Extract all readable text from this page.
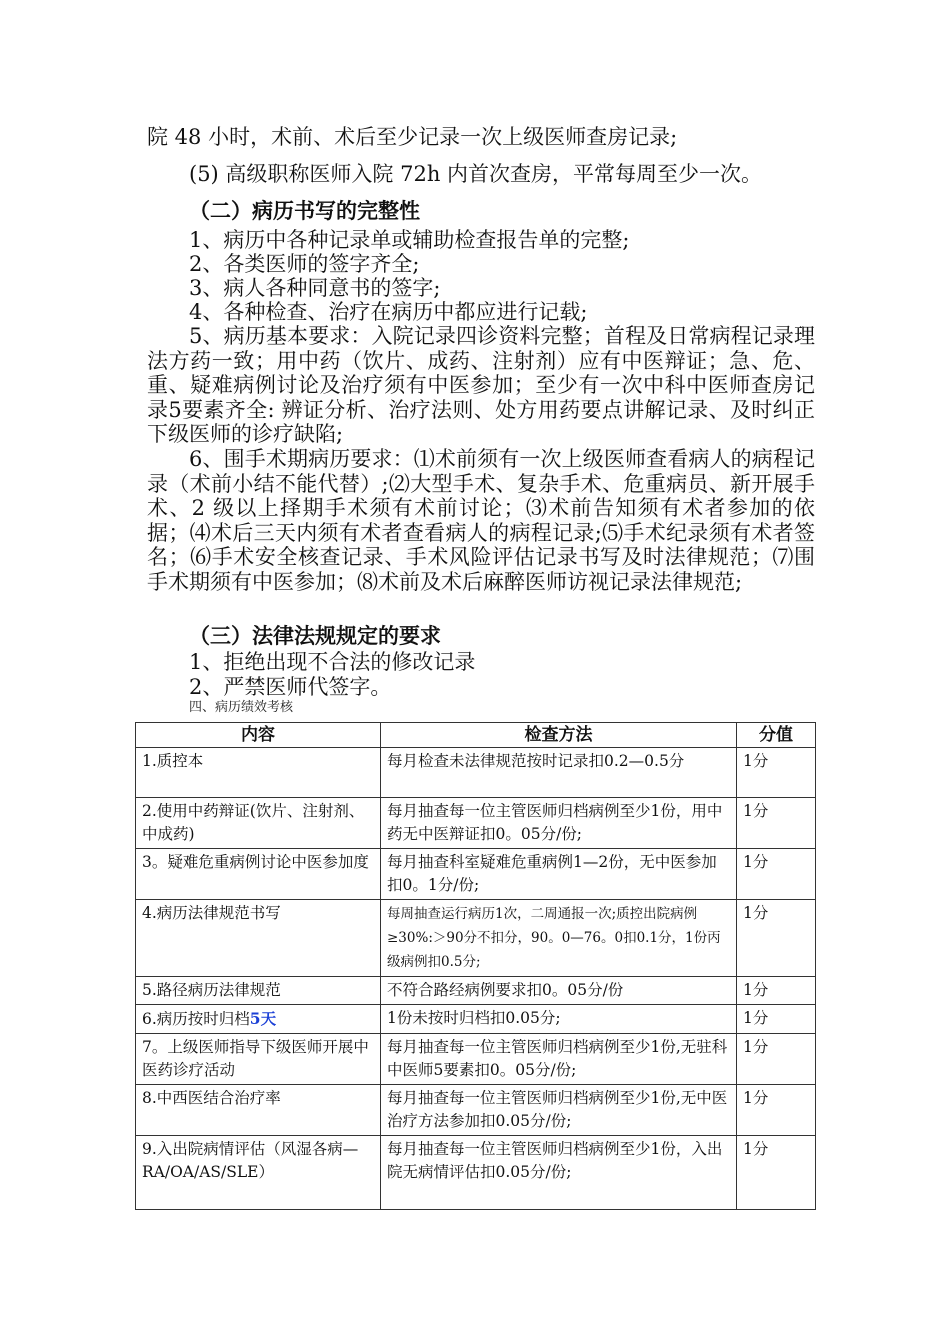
院 48 小时，术前、术后至少记录一次上级医师查房记录;
(5) 高级职称医师入院 72h 内首次查房，平常每周至少一次。
（二）病历书写的完整性
1、病历中各种记录单或辅助检查报告单的完整;
2、各类医师的签字齐全;
3、病人各种同意书的签字;
4、各种检查、治疗在病历中都应进行记载;
5、病历基本要求：入院记录四诊资料完整；首程及日常病程记录理法方药一致；用中药（饮片、成药、注射剂）应有中医辩证；急、危、重、疑难病例讨论及治疗须有中医参加；至少有一次中科中医师查房记录5要素齐全: 辨证分析、治疗法则、处方用药要点讲解记录、及时纠正下级医师的诊疗缺陷;
6、围手术期病历要求：⑴术前须有一次上级医师查看病人的病程记录（术前小结不能代替）;⑵大型手术、复杂手术、危重病员、新开展手术、2 级以上择期手术须有术前讨论；⑶术前告知须有术者参加的依据；⑷术后三天内须有术者查看病人的病程记录;⑸手术纪录须有术者签名；⑹手术安全核查记录、手术风险评估记录书写及时法律规范；⑺围手术期须有中医参加；⑻术前及术后麻醉医师访视记录法律规范;
（三）法律法规规定的要求
1、拒绝出现不合法的修改记录
2、严禁医师代签字。
四、病历绩效考核
内容	检查方法	分值
1.质控本	每月检查未法律规范按时记录扣0.2—0.5分	1分
2.使用中药辩证(饮片、注射剂、中成药)	每月抽查每一位主管医师归档病例至少1份，用中药无中医辩证扣0。05分/份;	1分
3。疑难危重病例讨论中医参加度	每月抽查科室疑难危重病例1—2份，无中医参加扣0。1分/份;	1分
4.病历法律规范书写	每周抽查运行病历1次，二周通报一次;质控出院病例≥30%:＞90分不扣分，90。0—76。0扣0.1分，1份丙级病例扣0.5分;	1分
5.路径病历法律规范	不符合路经病例要求扣0。05分/份	1分
6.病历按时归档5天	1份未按时归档扣0.05分;	1分
7。上级医师指导下级医师开展中医药诊疗活动	每月抽查每一位主管医师归档病例至少1份,无驻科中医师5要素扣0。05分/份;	1分
8.中西医结合治疗率	每月抽查每一位主管医师归档病例至少1份,无中医治疗方法参加扣0.05分/份;	1分
9.入出院病情评估（风湿各病—RA/OA/AS/SLE）	每月抽查每一位主管医师归档病例至少1份，入出院无病情评估扣0.05分/份;	1分
